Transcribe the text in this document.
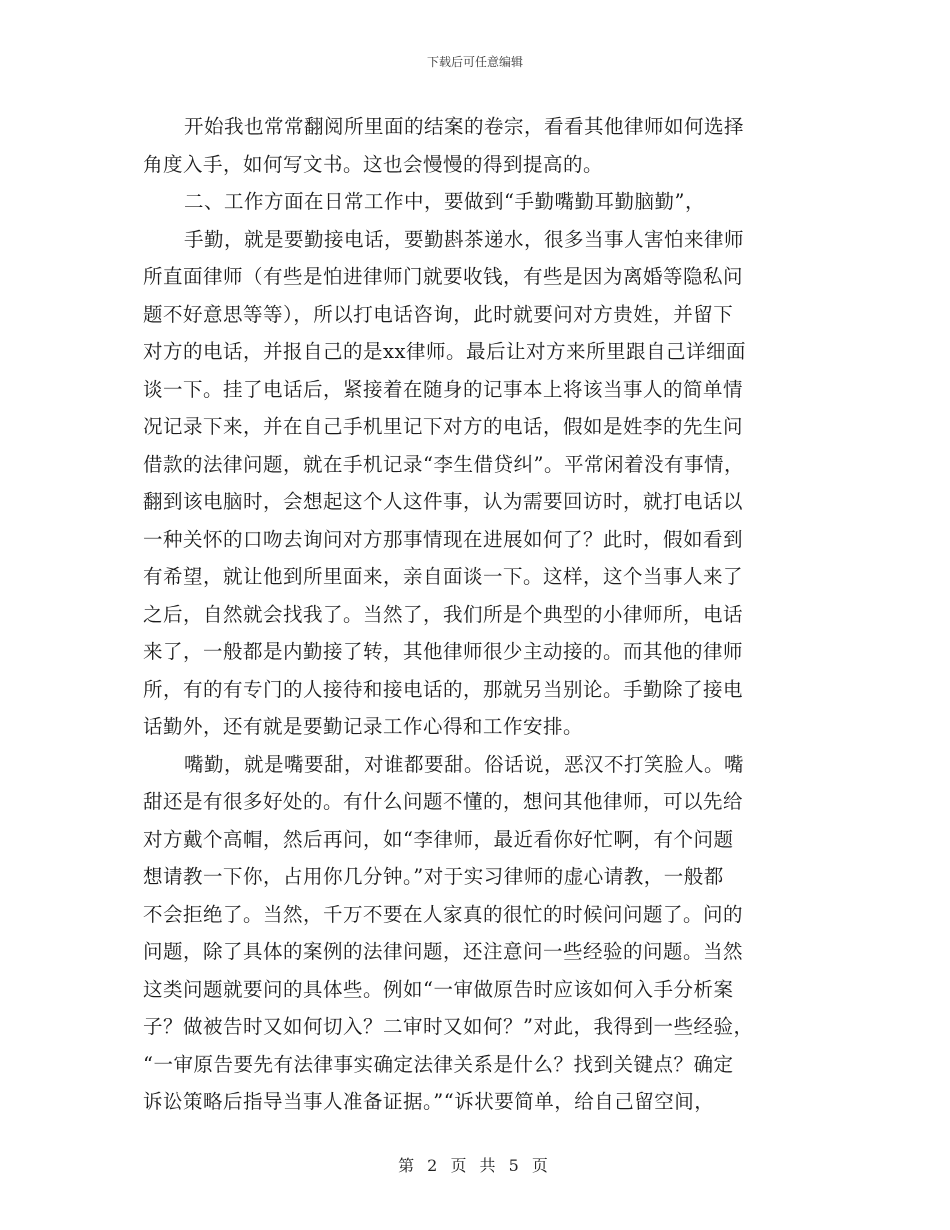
下载后可任意编辑
开始我也常常翻阅所里面的结案的卷宗，看看其他律师如何选择
角度入手，如何写文书。这也会慢慢的得到提高的。
二、工作方面在日常工作中，要做到“手勤嘴勤耳勤脑勤”，
手勤，就是要勤接电话，要勤斟茶递水，很多当事人害怕来律师
所直面律师（有些是怕进律师门就要收钱，有些是因为离婚等隐私问
题不好意思等等），所以打电话咨询，此时就要问对方贵姓，并留下
对方的电话，并报自己的是xx律师。最后让对方来所里跟自己详细面
谈一下。挂了电话后，紧接着在随身的记事本上将该当事人的简单情
况记录下来，并在自己手机里记下对方的电话，假如是姓李的先生问
借款的法律问题，就在手机记录“李生借贷纠”。平常闲着没有事情，
翻到该电脑时，会想起这个人这件事，认为需要回访时，就打电话以
一种关怀的口吻去询问对方那事情现在进展如何了？此时，假如看到
有希望，就让他到所里面来，亲自面谈一下。这样，这个当事人来了
之后，自然就会找我了。当然了，我们所是个典型的小律师所，电话
来了，一般都是内勤接了转，其他律师很少主动接的。而其他的律师
所，有的有专门的人接待和接电话的，那就另当别论。手勤除了接电
话勤外，还有就是要勤记录工作心得和工作安排。
嘴勤，就是嘴要甜，对谁都要甜。俗话说，恶汉不打笑脸人。嘴
甜还是有很多好处的。有什么问题不懂的，想问其他律师，可以先给
对方戴个高帽，然后再问，如“李律师，最近看你好忙啊，有个问题
想请教一下你，占用你几分钟。”对于实习律师的虚心请教，一般都
不会拒绝了。当然，千万不要在人家真的很忙的时候问问题了。问的
问题，除了具体的案例的法律问题，还注意问一些经验的问题。当然
这类问题就要问的具体些。例如“一审做原告时应该如何入手分析案
子？做被告时又如何切入？二审时又如何？”对此，我得到一些经验，
“一审原告要先有法律事实确定法律关系是什么？找到关键点？确定
诉讼策略后指导当事人准备证据。”“诉状要简单，给自己留空间，
第 2 页 共 5 页
